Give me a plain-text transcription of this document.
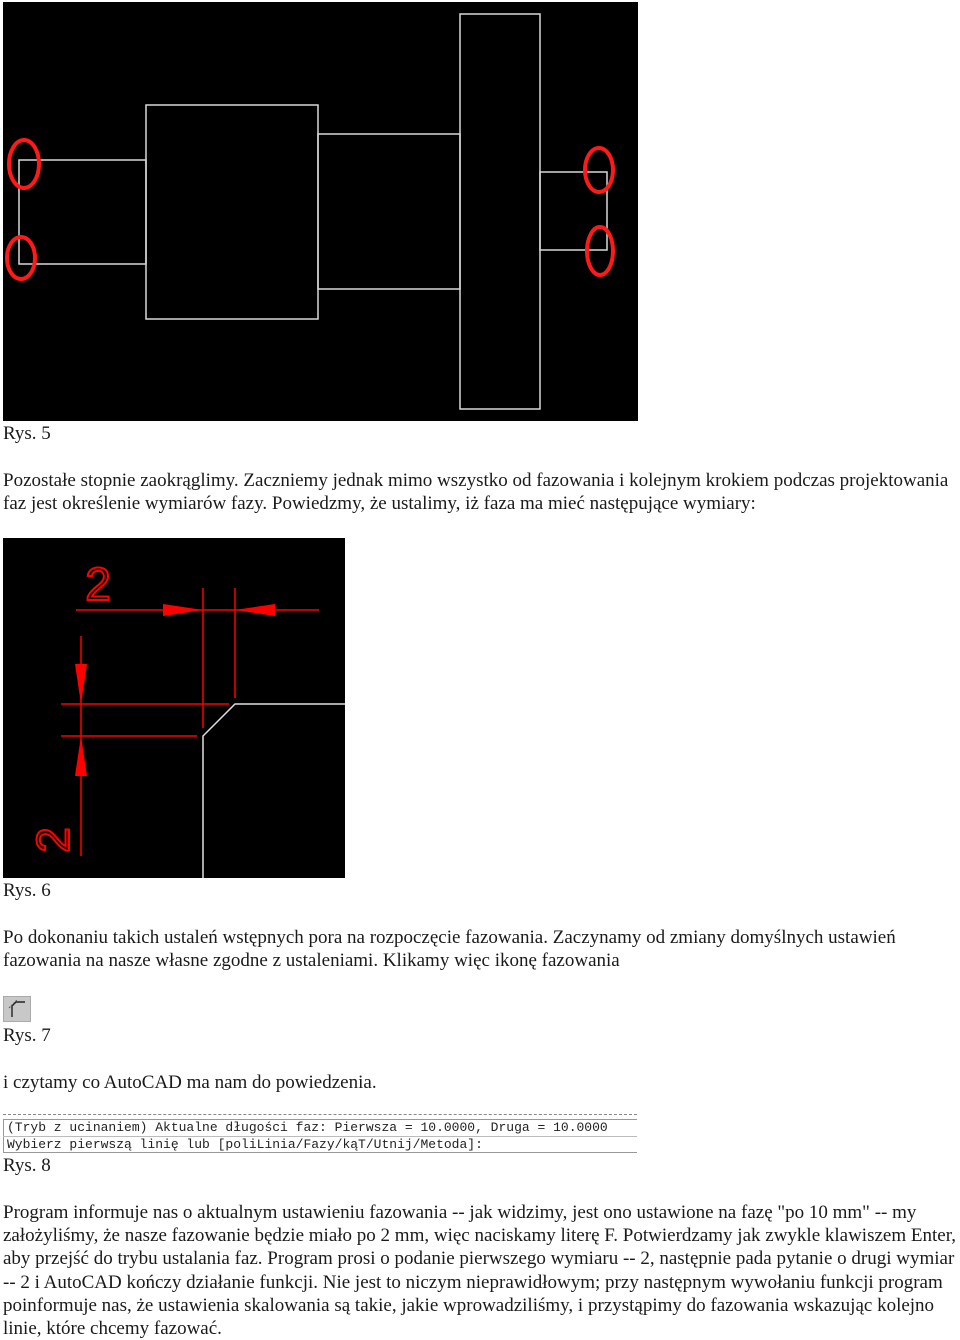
Rys. 5
Pozostałe stopnie zaokrąglimy. Zaczniemy jednak mimo wszystko od fazowania i kolejnym krokiem podczas projektowania faz jest określenie wymiarów fazy. Powiedzmy, że ustalimy, iż faza ma mieć następujące wymiary:
2
2
Rys. 6
Po dokonaniu takich ustaleń wstępnych pora na rozpoczęcie fazowania. Zaczynamy od zmiany domyślnych ustawień fazowania na nasze własne zgodne z ustaleniami. Klikamy więc ikonę fazowania
Rys. 7
i czytamy co AutoCAD ma nam do powiedzenia.
(Tryb z ucinaniem) Aktualne długości faz: Pierwsza = 10.0000, Druga = 10.0000
Wybierz pierwszą linię lub [poliLinia/Fazy/kąT/Utnij/Metoda]:
Rys. 8
Program informuje nas o aktualnym ustawieniu fazowania -- jak widzimy, jest ono ustawione na fazę "po 10 mm" -- my założyliśmy, że nasze fazowanie będzie miało po 2 mm, więc naciskamy literę F. Potwierdzamy jak zwykle klawiszem Enter, aby przejść do trybu ustalania faz. Program prosi o podanie pierwszego wymiaru -- 2, następnie pada pytanie o drugi wymiar -- 2 i AutoCAD kończy działanie funkcji. Nie jest to niczym nieprawidłowym; przy następnym wywołaniu funkcji program poinformuje nas, że ustawienia skalowania są takie, jakie wprowadziliśmy, i przystąpimy do fazowania wskazując kolejno linie, które chcemy fazować.
